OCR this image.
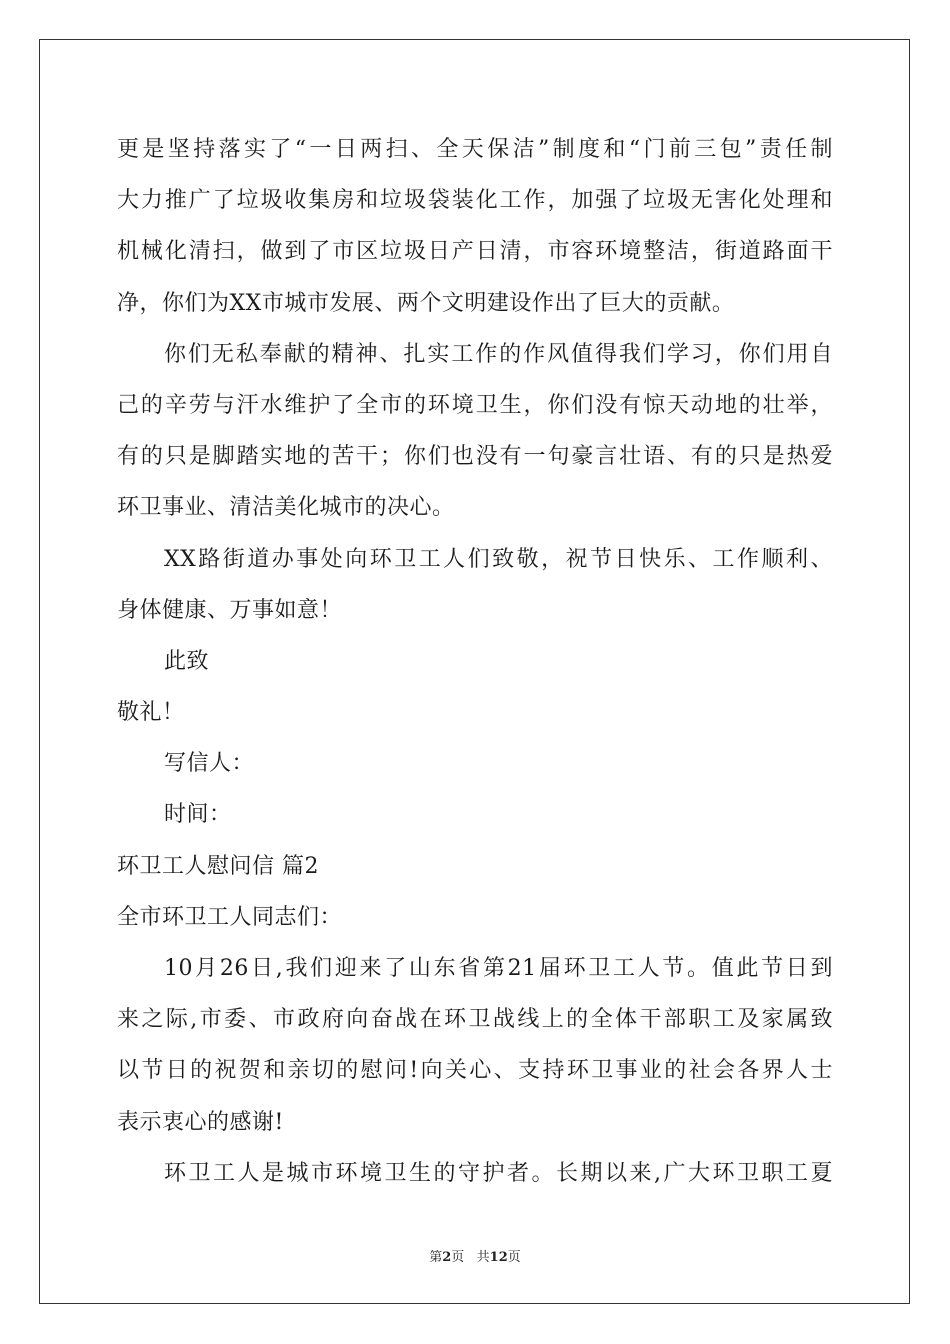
更是坚持落实了“一日两扫、全天保洁”制度和“门前三包”责任制
大力推广了垃圾收集房和垃圾袋装化工作，加强了垃圾无害化处理和
机械化清扫，做到了市区垃圾日产日清，市容环境整洁，街道路面干
净，你们为XX市城市发展、两个文明建设作出了巨大的贡献。
你们无私奉献的精神、扎实工作的作风值得我们学习，你们用自
己的辛劳与汗水维护了全市的环境卫生，你们没有惊天动地的壮举，
有的只是脚踏实地的苦干；你们也没有一句豪言壮语、有的只是热爱
环卫事业、清洁美化城市的决心。
XX路街道办事处向环卫工人们致敬，祝节日快乐、工作顺利、
身体健康、万事如意！
此致
敬礼！
写信人：
时间：
环卫工人慰问信 篇2
全市环卫工人同志们：
10月26日,我们迎来了山东省第21届环卫工人节。值此节日到
来之际,市委、市政府向奋战在环卫战线上的全体干部职工及家属致
以节日的祝贺和亲切的慰问!向关心、支持环卫事业的社会各界人士
表示衷心的感谢!
环卫工人是城市环境卫生的守护者。长期以来,广大环卫职工夏
第2页   共12页
